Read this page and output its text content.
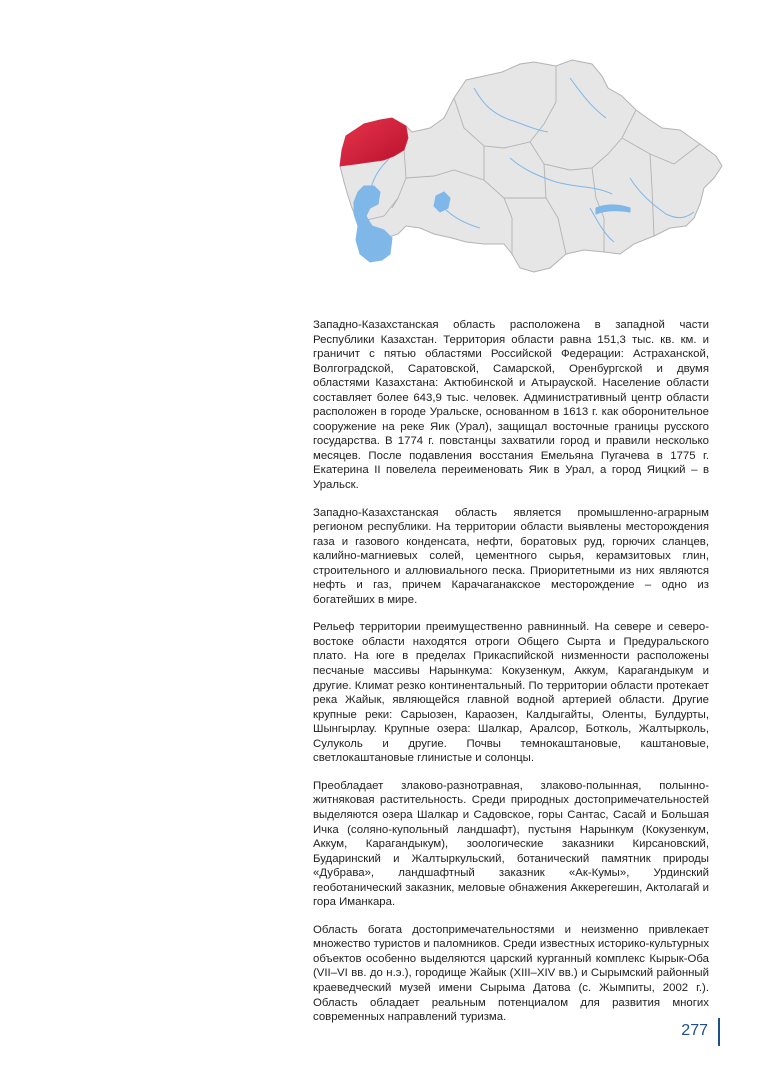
Западно-Казахстанская область расположена в западной части Республики Казахстан. Территория области равна 151,3 тыс. кв. км. и граничит с пятью областями Российской Федерации: Астраханской, Волгоградской, Саратовской, Самарской, Оренбургской и двумя областями Казахстана: Актюбинской и Атырауской. Население области составляет более 643,9 тыс. человек. Административный центр области расположен в городе Уральске, основанном в 1613 г. как оборонительное сооружение на реке Яик (Урал), защищал восточные границы русского государства. В 1774 г. повстанцы захватили город и правили несколько месяцев. После подавления восстания Емельяна Пугачева в 1775 г. Екатерина II повелела переименовать Яик в Урал, а город Яицкий – в Уральск.

Западно-Казахстанская область является промышленно-аграрным регионом республики. На территории области выявлены месторождения газа и газового конденсата, нефти, боратовых руд, горючих сланцев, калийно-магниевых солей, цементного сырья, керамзитовых глин, строительного и аллювиального песка. Приоритетными из них являются нефть и газ, причем Карачаганакское месторождение – одно из богатейших в мире.

Рельеф территории преимущественно равнинный. На севере и северо-востоке области находятся отроги Общего Сырта и Предуральского плато. На юге в пределах Прикаспийской низменности расположены песчаные массивы Нарынкума: Кокузенкум, Аккум, Карагандыкум и другие. Климат резко континентальный. По территории области протекает река Жайык, являющейся главной водной артерией области. Другие крупные реки: Сарыозен, Караозен, Калдыгайты, Оленты, Булдурты, Шынгырлау. Крупные озера: Шалкар, Аралсор, Ботколь, Жалтырколь, Сулуколь и другие. Почвы темнокаштановые, каштановые, светлокаштановые глинистые и солонцы.

Преобладает злаково-разнотравная, злаково-полынная, полынно-житняковая растительность. Среди природных достопримечательностей выделяются озера Шалкар и Садовское, горы Сантас, Сасай и Большая Ичка (соляно-купольный ландшафт), пустыня Нарынкум (Кокузенкум, Аккум, Карагандыкум), зоологические заказники Кирсановский, Бударинский и Жалтыркульский, ботанический памятник природы «Дубрава», ландшафтный заказник «Ак-Кумы», Урдинский геоботанический заказник, меловые обнажения Аккерегешин, Актолагай и гора Иманкара.

Область богата достопримечательностями и неизменно привлекает множество туристов и паломников. Среди известных историко-культурных объектов особенно выделяются царский курганный комплекс Кырык-Оба (VII–VI вв. до н.э.), городище Жайык (XIII–XIV вв.) и Сырымский районный краеведческий музей имени Сырыма Датова (с. Жымпиты, 2002 г.). Область обладает реальным потенциалом для развития многих современных направлений туризма.

277
